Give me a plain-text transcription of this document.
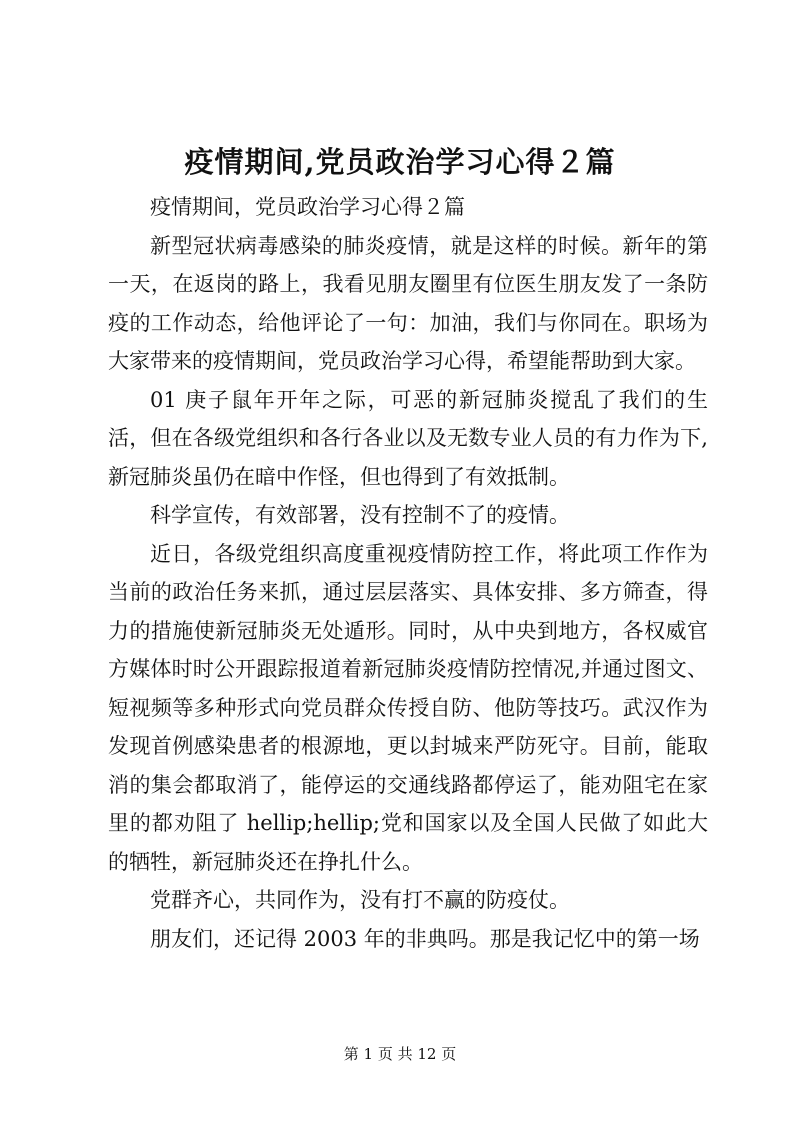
疫情期间,党员政治学习心得２篇

疫情期间，党员政治学习心得２篇

新型冠状病毒感染的肺炎疫情，就是这样的时候。新年的第一天，在返岗的路上，我看见朋友圈里有位医生朋友发了一条防疫的工作动态，给他评论了一句：加油，我们与你同在。职场为大家带来的疫情期间，党员政治学习心得，希望能帮助到大家。

01 庚子鼠年开年之际，可恶的新冠肺炎搅乱了我们的生活，但在各级党组织和各行各业以及无数专业人员的有力作为下,新冠肺炎虽仍在暗中作怪，但也得到了有效抵制。

科学宣传，有效部署，没有控制不了的疫情。

近日，各级党组织高度重视疫情防控工作，将此项工作作为当前的政治任务来抓，通过层层落实、具体安排、多方筛查，得力的措施使新冠肺炎无处遁形。同时，从中央到地方，各权威官方媒体时时公开跟踪报道着新冠肺炎疫情防控情况,并通过图文、短视频等多种形式向党员群众传授自防、他防等技巧。武汉作为发现首例感染患者的根源地，更以封城来严防死守。目前，能取消的集会都取消了，能停运的交通线路都停运了，能劝阻宅在家里的都劝阻了 hellip;hellip;党和国家以及全国人民做了如此大的牺牲，新冠肺炎还在挣扎什么。

党群齐心，共同作为，没有打不赢的防疫仗。

朋友们，还记得 2003 年的非典吗。那是我记忆中的第一场

第 1 页 共 12 页
